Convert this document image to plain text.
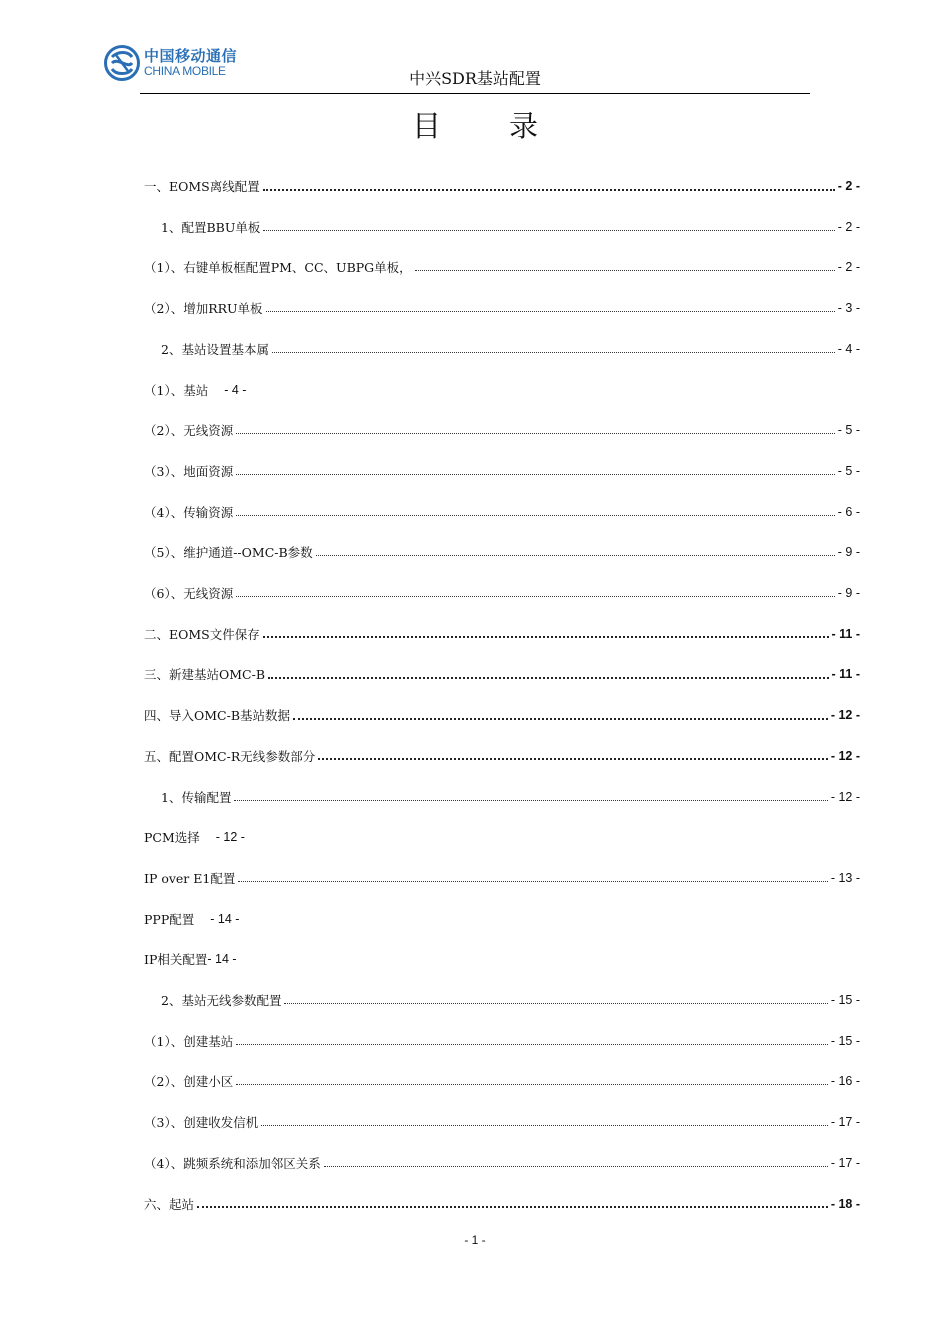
中国移动通信
CHINA MOBILE	中兴SDR基站配置
目录
一、EOMS离线配置	- 2 -
1、配置BBU单板	- 2 -
（1）、右键单板框配置PM、CC、UBPG单板，	- 2 -
（2）、增加RRU单板	- 3 -
2、基站设置基本属	- 4 -
（1）、基站 - 4 -
（2）、无线资源	- 5 -
（3）、地面资源	- 5 -
（4）、传输资源	- 6 -
（5）、维护通道--OMC-B参数	- 9 -
（6）、无线资源	- 9 -
二、EOMS文件保存	- 11 -
三、新建基站OMC-B	- 11 -
四、导入OMC-B基站数据	- 12 -
五、配置OMC-R无线参数部分	- 12 -
1、传输配置	- 12 -
PCM选择 - 12 -
IP over E1配置	- 13 -
PPP配置 - 14 -
IP相关配置 - 14 -
2、基站无线参数配置	- 15 -
（1）、创建基站	- 15 -
（2）、创建小区	- 16 -
（3）、创建收发信机	- 17 -
（4）、跳频系统和添加邻区关系	- 17 -
六、起站	- 18 -
- 1 -
